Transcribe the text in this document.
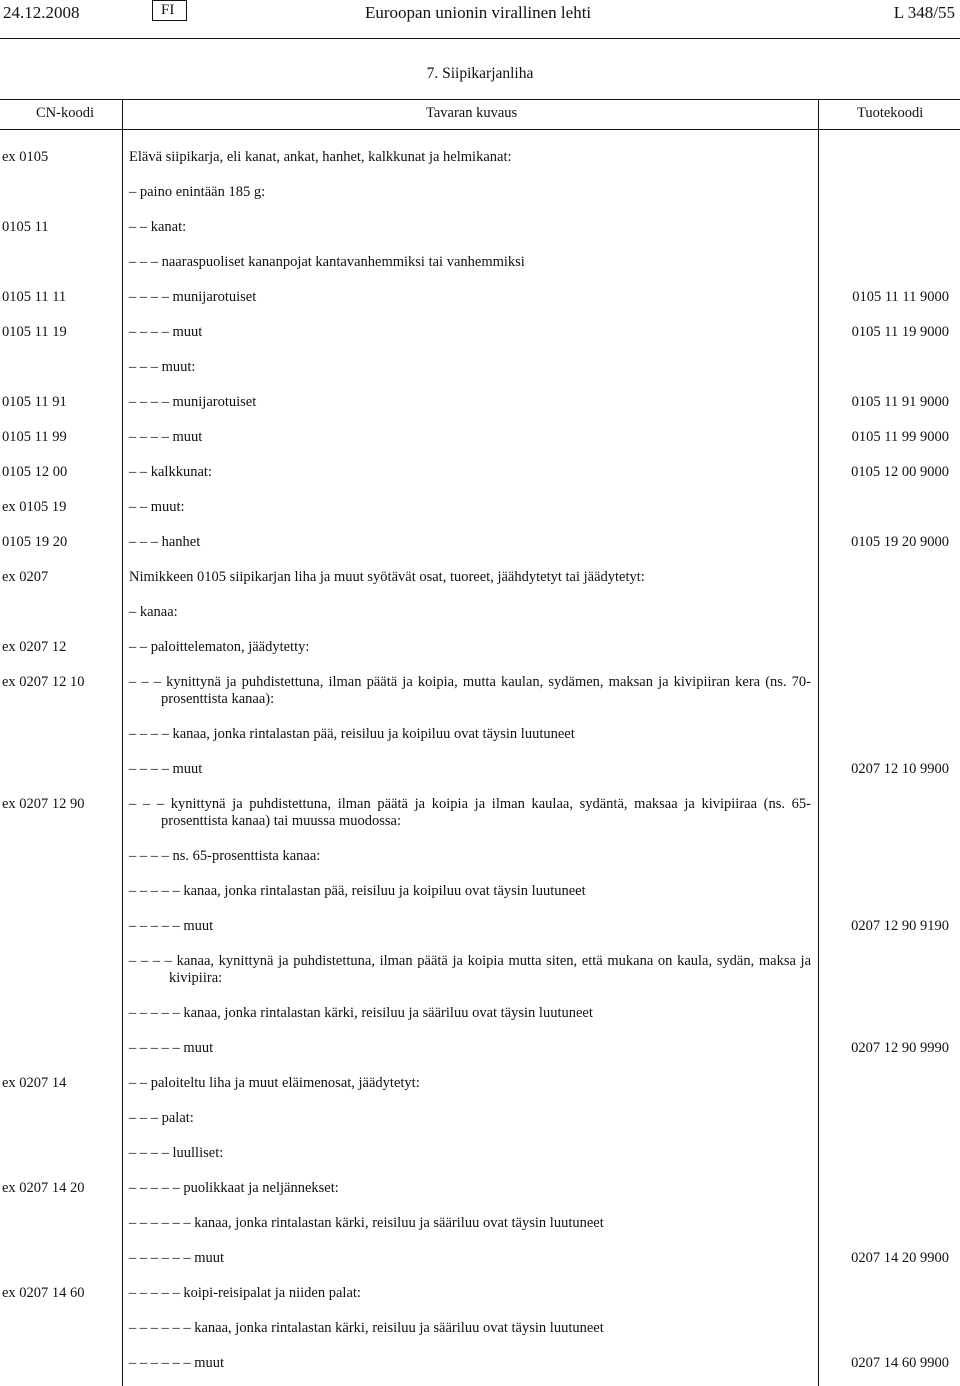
24.12.2008	FI	Euroopan unionin virallinen lehti	L 348/55
7. Siipikarjanliha
CN-koodi	Tavaran kuvaus	Tuotekoodi
ex 0105	Elävä siipikarja, eli kanat, ankat, hanhet, kalkkunat ja helmikanat:
– paino enintään 185 g:
0105 11	– – kanat:
– – – naaraspuoliset kananpojat kantavanhemmiksi tai vanhemmiksi
0105 11 11	– – – – munijarotuiset	0105 11 11 9000
0105 11 19	– – – – muut	0105 11 19 9000
– – – muut:
0105 11 91	– – – – munijarotuiset	0105 11 91 9000
0105 11 99	– – – – muut	0105 11 99 9000
0105 12 00	– – kalkkunat:	0105 12 00 9000
ex 0105 19	– – muut:
0105 19 20	– – – hanhet	0105 19 20 9000
ex 0207	Nimikkeen 0105 siipikarjan liha ja muut syötävät osat, tuoreet, jäähdytetyt tai jäädytetyt:
– kanaa:
ex 0207 12	– – paloittelematon, jäädytetty:
ex 0207 12 10	– – – kynittynä ja puhdistettuna, ilman päätä ja koipia, mutta kaulan, sydämen, maksan ja kivipiiran kera (ns. 70-prosenttista kanaa):
– – – – kanaa, jonka rintalastan pää, reisiluu ja koipiluu ovat täysin luutuneet
– – – – muut	0207 12 10 9900
ex 0207 12 90	– – – kynittynä ja puhdistettuna, ilman päätä ja koipia ja ilman kaulaa, sydäntä, maksaa ja kivipiiraa (ns. 65-prosenttista kanaa) tai muussa muodossa:
– – – – ns. 65-prosenttista kanaa:
– – – – – kanaa, jonka rintalastan pää, reisiluu ja koipiluu ovat täysin luutuneet
– – – – – muut	0207 12 90 9190
– – – – kanaa, kynittynä ja puhdistettuna, ilman päätä ja koipia mutta siten, että mukana on kaula, sydän, maksa ja kivipiira:
– – – – – kanaa, jonka rintalastan kärki, reisiluu ja sääriluu ovat täysin luutuneet
– – – – – muut	0207 12 90 9990
ex 0207 14	– – paloiteltu liha ja muut eläimenosat, jäädytetyt:
– – – palat:
– – – – luulliset:
ex 0207 14 20	– – – – – puolikkaat ja neljännekset:
– – – – – – kanaa, jonka rintalastan kärki, reisiluu ja sääriluu ovat täysin luutuneet
– – – – – – muut	0207 14 20 9900
ex 0207 14 60	– – – – – koipi-reisipalat ja niiden palat:
– – – – – – kanaa, jonka rintalastan kärki, reisiluu ja sääriluu ovat täysin luutuneet
– – – – – – muut	0207 14 60 9900
